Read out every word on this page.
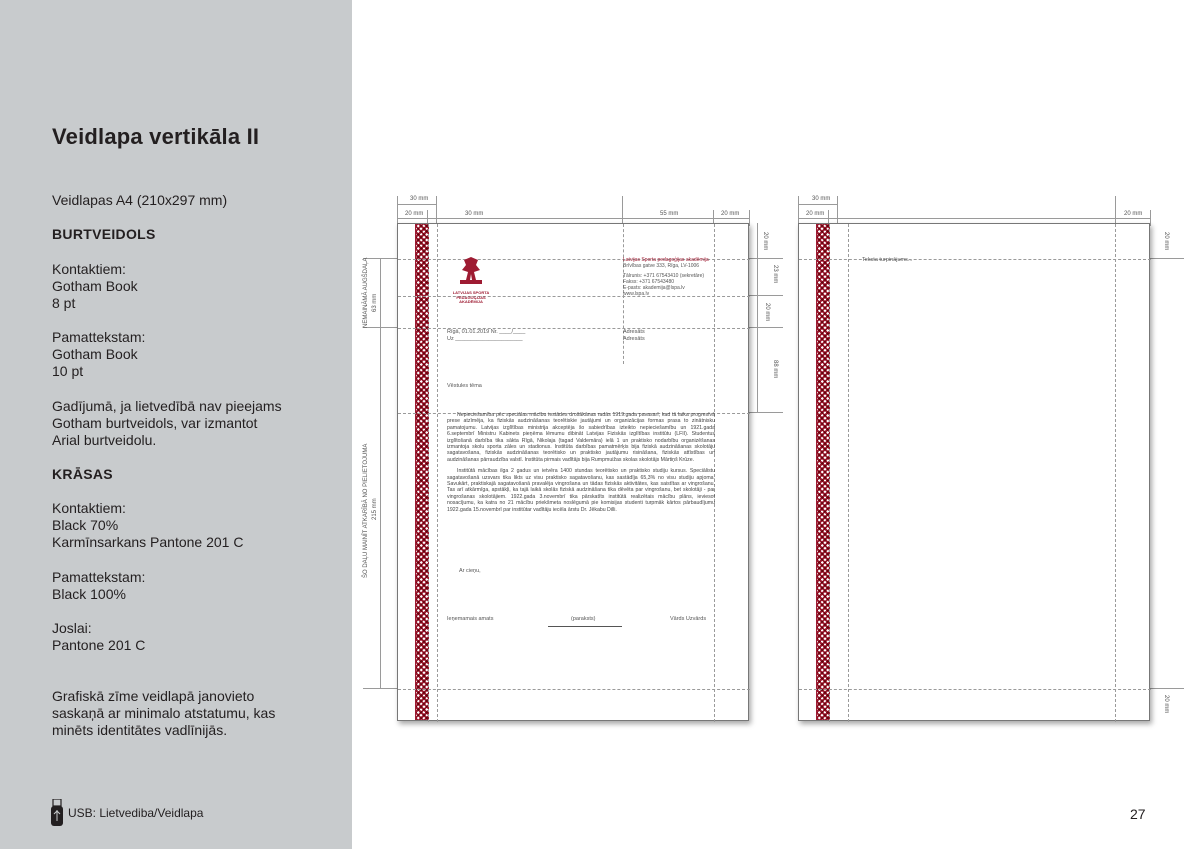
Veidlapa vertikāla II
Veidlapas A4 (210x297 mm)
BURTVEIDOLS
Kontaktiem:
Gotham Book
8 pt
Pamattekstam:
Gotham Book
10 pt
Gadījumā, ja lietvedībā nav pieejams
Gotham burtveidols, var izmantot
Arial burtveidolu.
KRĀSAS
Kontaktiem:
Black 70%
Karmīnsarkans Pantone 201 C
Pamattekstam:
Black 100%
Joslai:
Pantone 201 C
Grafiskā zīme veidlapā janovieto
saskaņā ar minimalo atstatumu, kas
minēts identitātes vadlīnijās.
USB: Lietvediba/Veidlapa	27
30 mm
20 mm	30 mm	55 mm	20 mm
20 mm
23 mm
20 mm
88 mm
NEMAINĀMĀ AUGŠDAĻA 63 mm
ŠO DAĻU MAINĪT ATKARĪBĀ NO PIELIETOJUMA 215 mm
LATVIJAS SPORTA PEDAGOĢIJAS AKADĒMIJA
Latvijas Sporta pedagoģijas akadēmija
Brīvības gatve 333, Rīga, LV-1006
Tālrunis: +371 67543410 (sekretāre)
Fakss: +371 67543480
E-pasts: akademija@lspa.lv
www.lspa.lv
Rīgā, 01.01.2019 Nr. ____/____
Uz ______________________
Adresāts
Adresāts
Vēstules tēma
Nepieciešamība pēc speciālas mācību iestādes drošākānas radās 1919.gada pavasarī, kad tā laika progresīvā prese atzīmēja, ka fiziskās audzināšanas teorētiskie jautājumi un organizācijas formas prasa to zinātnisku pamatojumu. Latvijas izglītības ministrija akceptēja šo sabiedrības izteikto nepieciešamību un 1921.gada 6.septembrī Ministru Kabinets pieņēma lēmumu dibināt Latvijas Fiziskās izglītības institūtu (LFII). Studentus izglītošanā darbība tika sākta Rīgā, Nikolaja (tagad Valdemāra) ielā 1 un praktisko nodarbību organizēšanas izmantoja skolu sporta zāles un stadionus. Institūta darbības pamatmērķis bija fiziskā audzināšanas skolotāju sagatavošana, fiziskās audzināšanas teorētisko un praktisko jautājumu risināšana, fiziskās attīstības un audzināšanas pārraudzība valstī. Institūta pirmais vadītājs bija Rumpmuižas skolas skolotājs Mārtiņš Krūze.
Institūtā mācības ilga 2 gadus un ietvēra 1400 stundas teorētisko un praktisko studiju kursus. Speciālistu sagatavošanā uzsvars tika likts uz visu praktisko sagatavošanu, kas sastādīja 65,3% no visu studiju apjoma. Savukārt, praktiskajā sagatavošanā pravalēja vingrošana un tādas fiziskās aktivitātes, kas saistītas ar vingrošanu. Tas arī atkārmīga, apstākļi, ka tajā laikā skolās fiziskā audzināšana tika dēvēta par vingrošanu, bet skolotāji - par vingrošanas skolotājiem. 1922.gada 3.novembrī tika pārskatīts institūtā realizētais mācību plāns, ieviesot nosacījumu, ka katra no 21 mācību priekšmeta noslēgumā pie komisijas studenti turpmāk kārtos pārbaudījumu 1922.gada 15.novembrī par institūtar vadītāju iecēla ārstu Dr. Jēkabu Dilli.
Ar cieņu,
Ieņemamais amats	(paraksts)	Vārds Uzvārds
30 mm
20 mm	20 mm
20 mm
20 mm
Teksta turpinājums...
